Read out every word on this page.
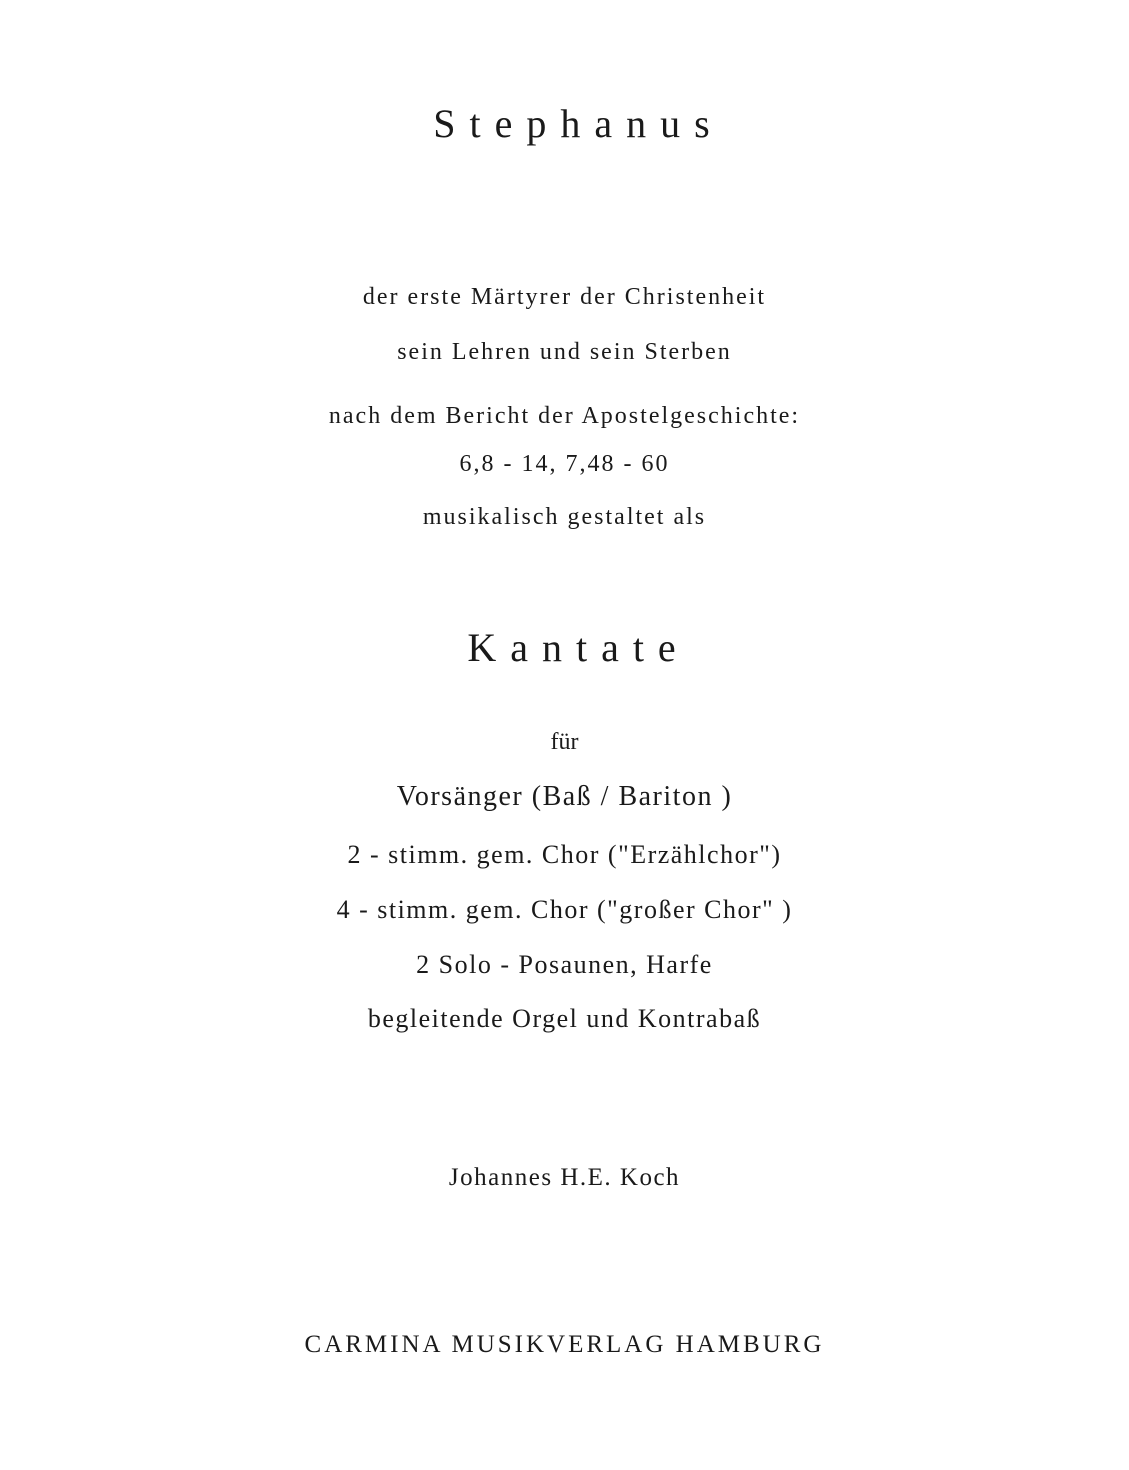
Stephanus
der erste Märtyrer der Christenheit
sein Lehren und sein Sterben
nach dem Bericht der Apostelgeschichte:
6,8 - 14, 7,48 - 60
musikalisch gestaltet als
Kantate
für
Vorsänger (Baß / Bariton )
2 - stimm. gem. Chor ("Erzählchor")
4 - stimm. gem. Chor ("großer Chor" )
2 Solo - Posaunen, Harfe
begleitende Orgel und Kontrabaß
Johannes H.E. Koch
CARMINA MUSIKVERLAG HAMBURG
